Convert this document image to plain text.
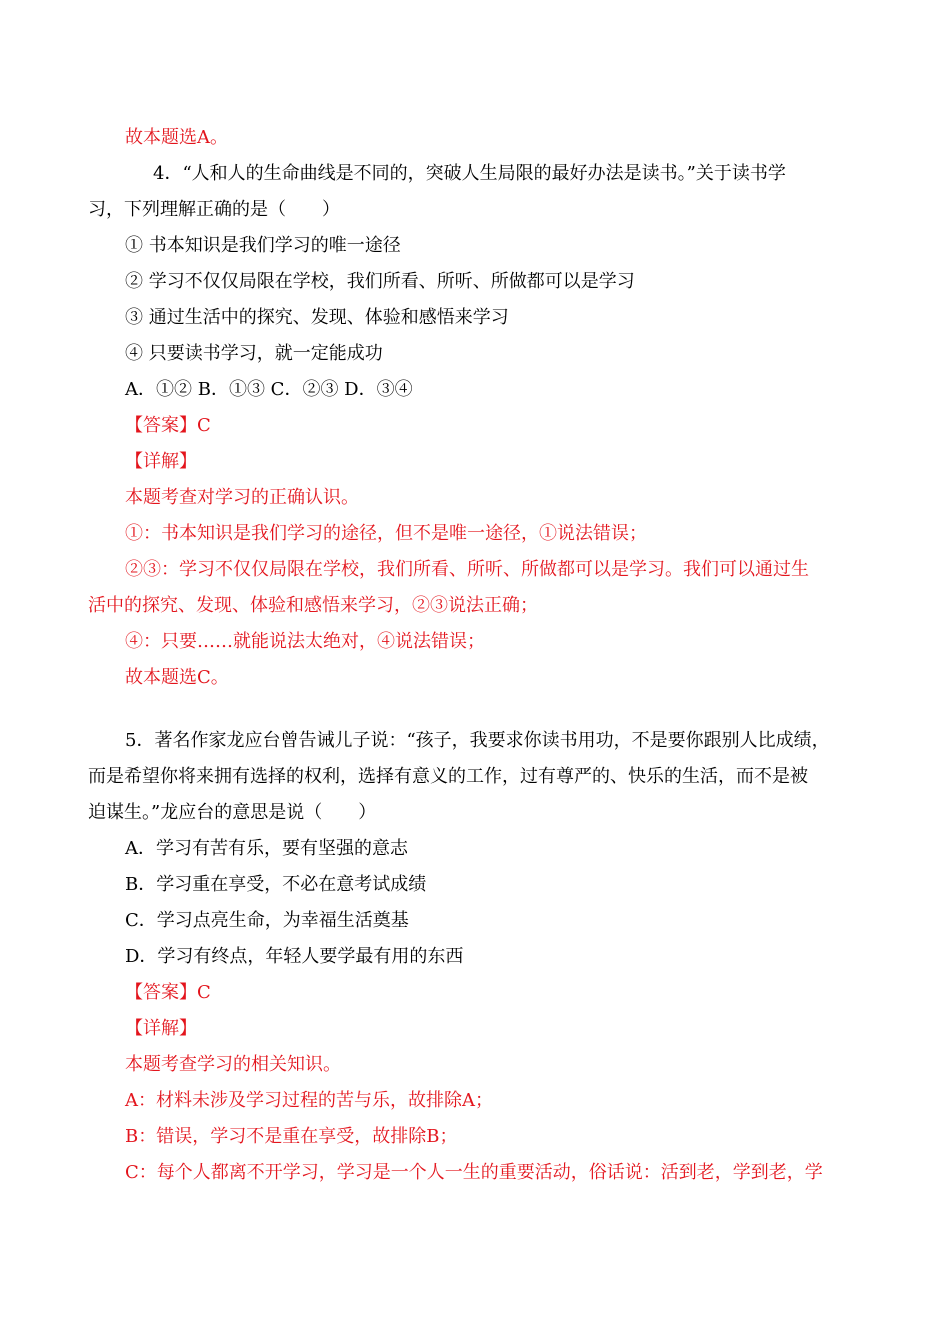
故本题选A。
4．“人和人的生命曲线是不同的，突破人生局限的最好办法是读书。”关于读书学
习，下列理解正确的是（　　）
① 书本知识是我们学习的唯一途径
② 学习不仅仅局限在学校，我们所看、所听、所做都可以是学习
③ 通过生活中的探究、发现、体验和感悟来学习
④ 只要读书学习，就一定能成功
A．①② B．①③ C．②③ D．③④
【答案】C
【详解】
本题考查对学习的正确认识。
①：书本知识是我们学习的途径，但不是唯一途径，①说法错误；
②③：学习不仅仅局限在学校，我们所看、所听、所做都可以是学习。我们可以通过生
活中的探究、发现、体验和感悟来学习，②③说法正确；
④：只要……就能说法太绝对，④说法错误；
故本题选C。
5．著名作家龙应台曾告诫儿子说：“孩子，我要求你读书用功，不是要你跟别人比成绩，
而是希望你将来拥有选择的权利，选择有意义的工作，过有尊严的、快乐的生活，而不是被
迫谋生。”龙应台的意思是说（　　）
A．学习有苦有乐，要有坚强的意志
B．学习重在享受，不必在意考试成绩
C．学习点亮生命，为幸福生活奠基
D．学习有终点，年轻人要学最有用的东西
【答案】C
【详解】
本题考查学习的相关知识。
A：材料未涉及学习过程的苦与乐，故排除A；
B：错误，学习不是重在享受，故排除B；
C：每个人都离不开学习，学习是一个人一生的重要活动，俗话说：活到老，学到老，学
